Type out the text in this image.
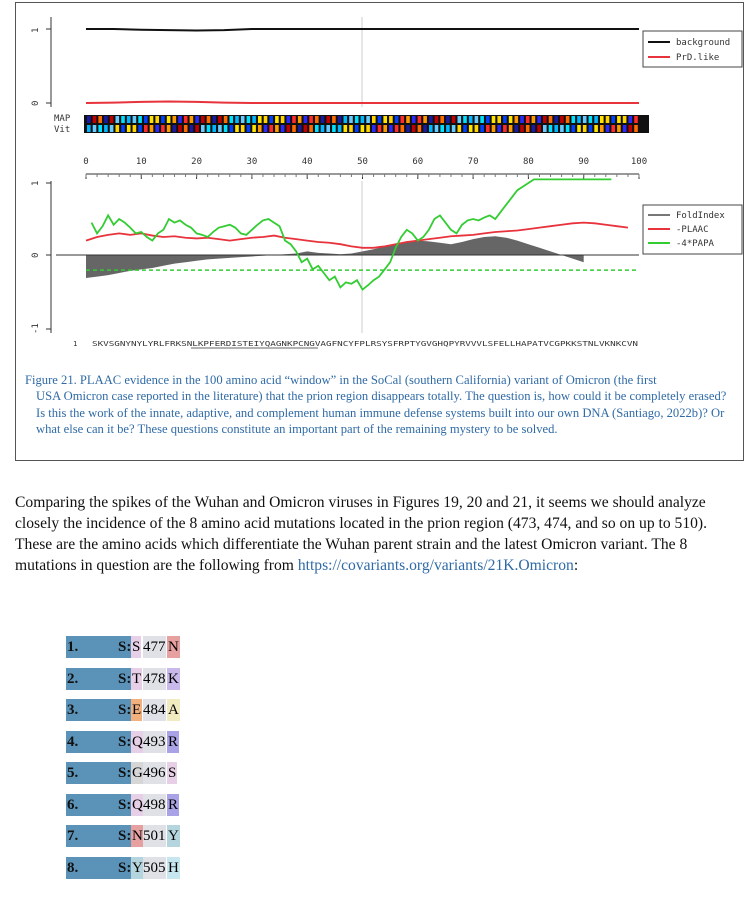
1
0
background
PrD.like
MAP
Vit
0	10	20	30	40	50	60	70	80	90	100
1
0
-1
FoldIndex
-PLAAC
-4*PAPA
1 SKVSGNYNYLYRLFRKSNLKPFERDISTEIYQAGNKPCNGVAGFNCYFPLRSYSFRPTYGVGHQPYRVVVLSFELLHAPATVCGPKKSTNLVKNKCVN
Figure 21. PLAAC evidence in the 100 amino acid “window” in the SoCal (southern California) variant of Omicron (the first
USA Omicron case reported in the literature) that the prion region disappears totally. The question is, how could it be completely erased? Is this the work of the innate, adaptive, and complement human immune defense systems built into our own DNA (Santiago, 2022b)? Or what else can it be? These questions constitute an important part of the remaining mystery to be solved.
Comparing the spikes of the Wuhan and Omicron viruses in Figures 19, 20 and 21, it seems we should analyze closely the incidence of the 8 amino acid mutations located in the prion region (473, 474, and so on up to 510). These are the amino acids which differentiate the Wuhan parent strain and the latest Omicron variant. The 8 mutations in question are the following from https://covariants.org/variants/21K.Omicron:
1.	S: S 477 N
2.	S: T 478 K
3.	S: E 484 A
4.	S: Q 493 R
5.	S: G 496 S
6.	S: Q 498 R
7.	S: N 501 Y
8.	S: Y 505 H
